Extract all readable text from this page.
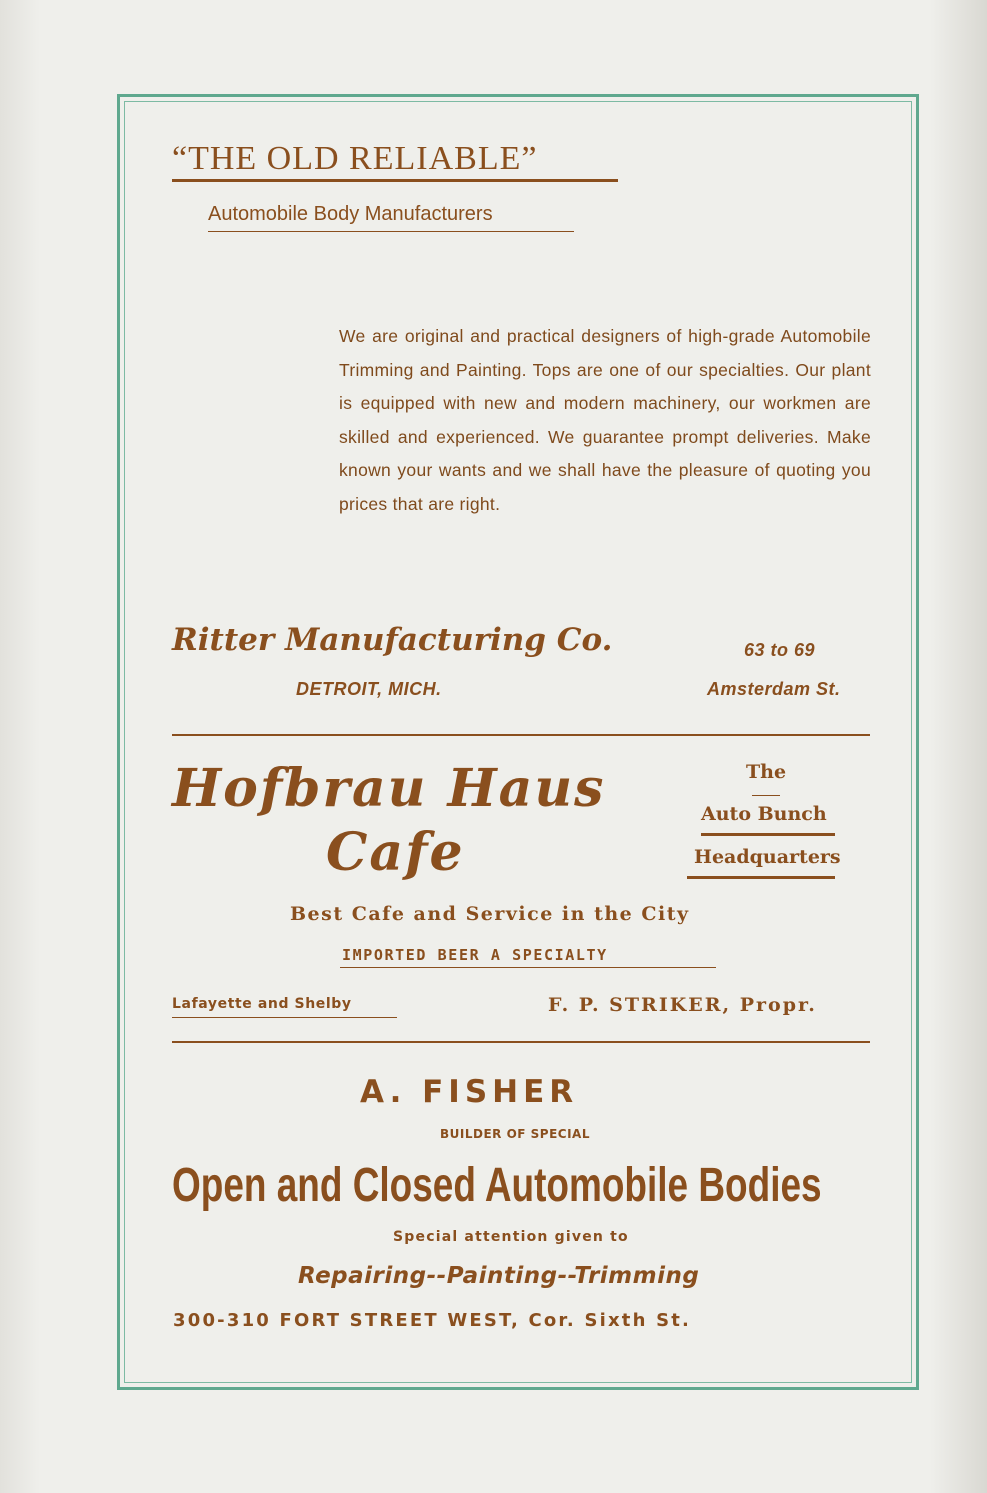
“THE OLD RELIABLE”
Automobile Body Manufacturers
We are original and practical designers of high-grade Automobile Trimming and Painting. Tops are one of our specialties. Our plant is equipped with new and modern machinery, our workmen are skilled and experienced. We guarantee prompt deliveries. Make known your wants and we shall have the pleasure of quoting you prices that are right.
Ritter Manufacturing Co.
DETROIT, MICH.
63 to 69
Amsterdam St.
Hofbrau Haus
Cafe
The
Auto Bunch
Headquarters
Best Cafe and Service in the City
IMPORTED BEER A SPECIALTY
Lafayette and Shelby	F. P. STRIKER, Propr.
A. FISHER
BUILDER OF SPECIAL
Open and Closed Automobile Bodies
Special attention given to
Repairing--Painting--Trimming
300-310 FORT STREET WEST, Cor. Sixth St.
